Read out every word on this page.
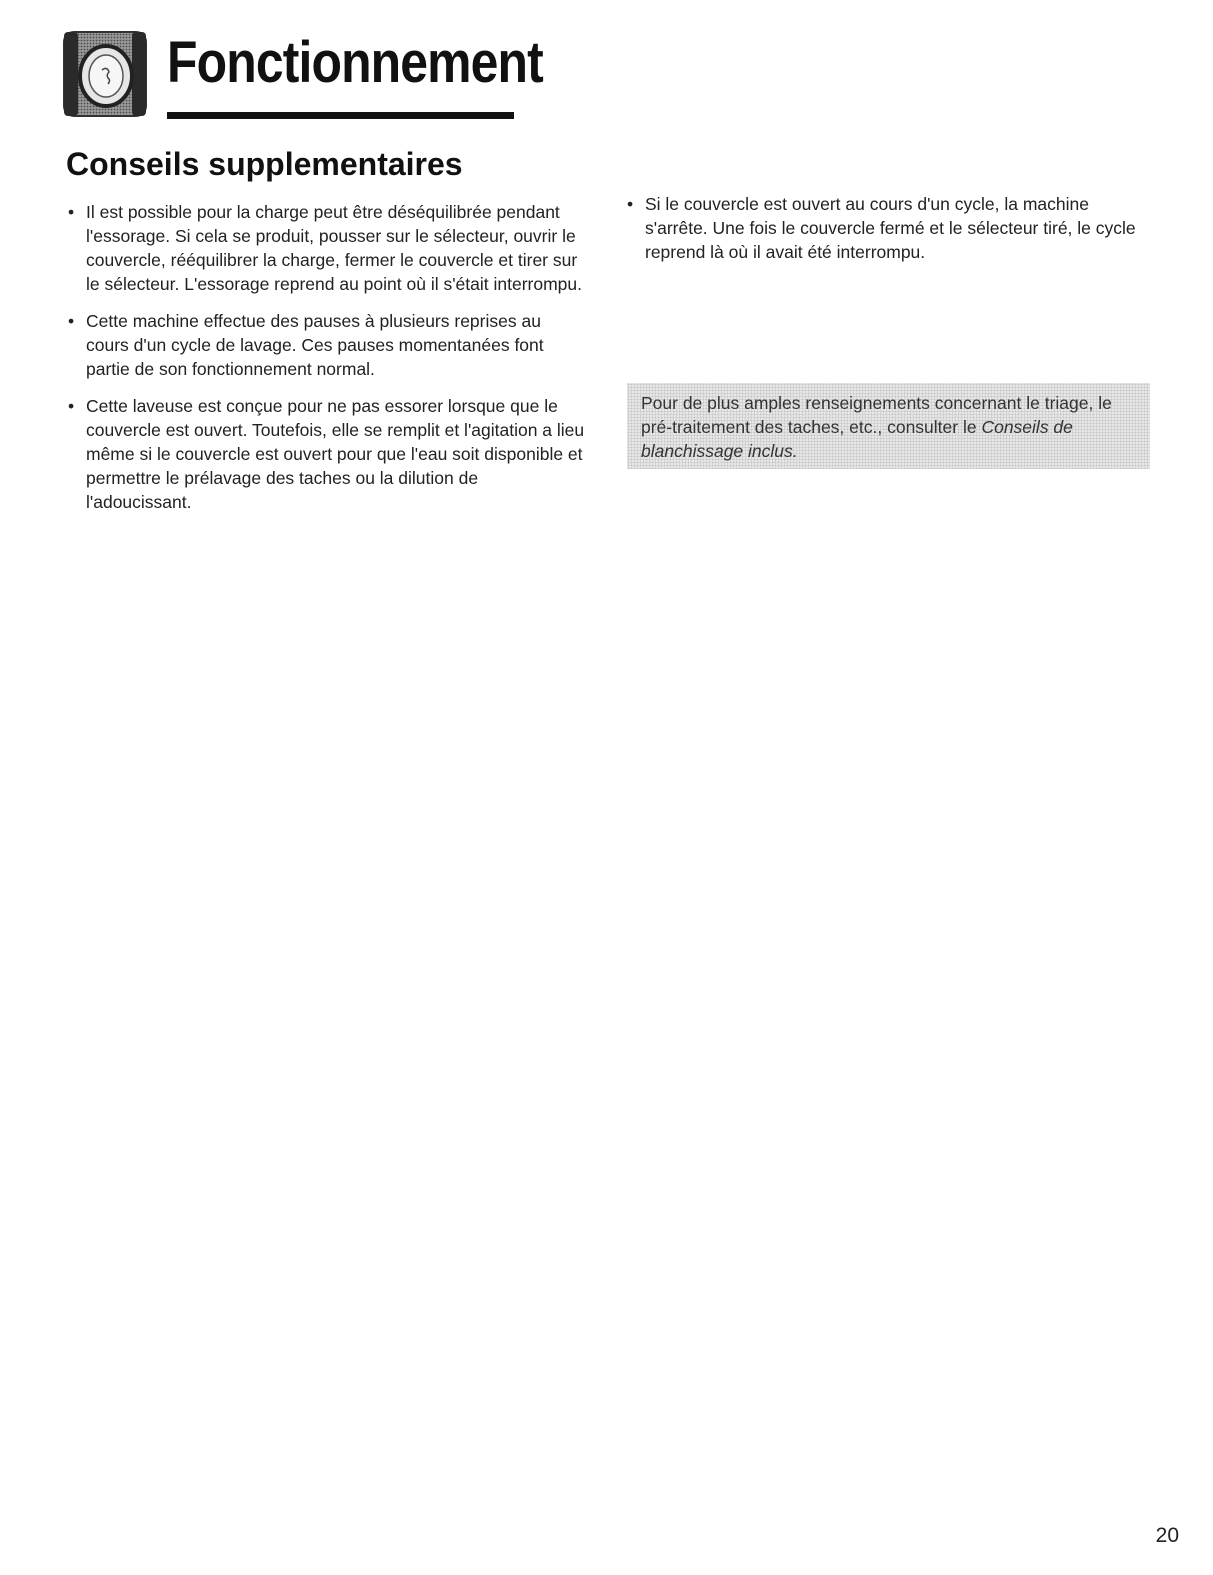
Fonctionnement
Conseils supplementaires
• Il est possible pour la charge peut être déséquilibrée pendant l'essorage. Si cela se produit, pousser sur le sélecteur, ouvrir le couvercle, rééquilibrer la charge, fermer le couvercle et tirer sur le sélecteur. L'essorage reprend au point où il s'était interrompu.
• Cette machine effectue des pauses à plusieurs reprises au cours d'un cycle de lavage. Ces pauses momentanées font partie de son fonctionnement normal.
• Cette laveuse est conçue pour ne pas essorer lorsque que le couvercle est ouvert. Toutefois, elle se remplit et l'agitation a lieu même si le couvercle est ouvert pour que l'eau soit disponible et permettre le prélavage des taches ou la dilution de l'adoucissant.
• Si le couvercle est ouvert au cours d'un cycle, la machine s'arrête. Une fois le couvercle fermé et le sélecteur tiré, le cycle reprend là où il avait été interrompu.
Pour de plus amples renseignements concernant le triage, le pré-traitement des taches, etc., consulter le Conseils de blanchissage inclus.
20
